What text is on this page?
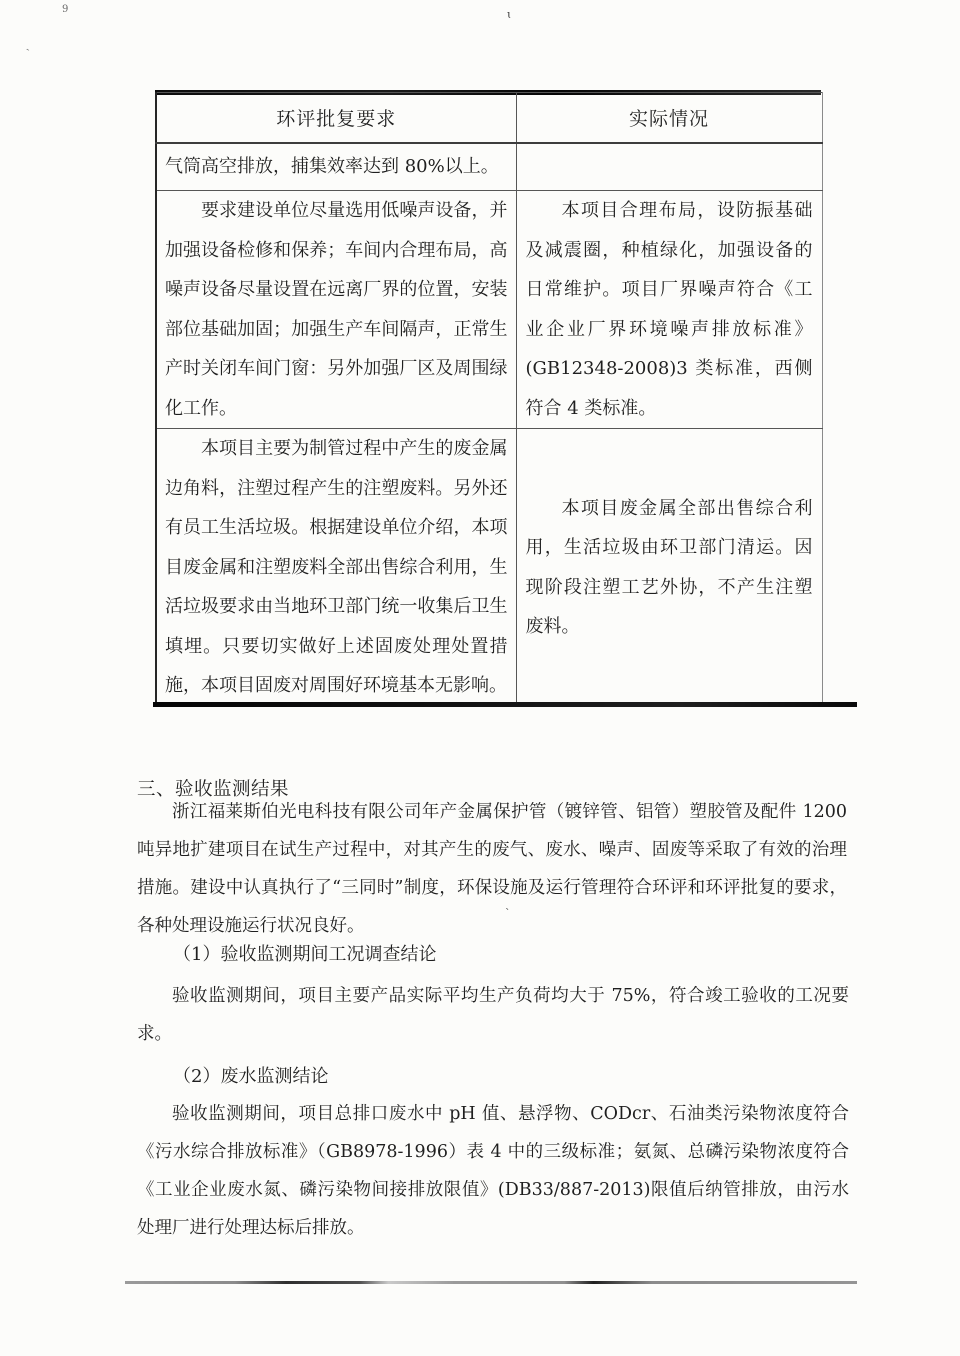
9
`
ɩ
`
环评批复要求	实际情况

气筒高空排放，捕集效率达到 80%以上。	

要求建设单位尽量选用低噪声设备，并加强设备检修和保养；车间内合理布局，高噪声设备尽量设置在远离厂界的位置，安装部位基础加固；加强生产车间隔声，正常生产时关闭车间门窗：另外加强厂区及周围绿化工作。	本项目合理布局，设防振基础及减震圈，种植绿化，加强设备的日常维护。项目厂界噪声符合《工业企业厂界环境噪声排放标准》(GB12348-2008)3 类标准，西侧符合 4 类标准。

本项目主要为制管过程中产生的废金属边角料，注塑过程产生的注塑废料。另外还有员工生活垃圾。根据建设单位介绍，本项目废金属和注塑废料全部出售综合利用，生活垃圾要求由当地环卫部门统一收集后卫生填埋。只要切实做好上述固废处理处置措施，本项目固废对周围好环境基本无影响。	本项目废金属全部出售综合利用，生活垃圾由环卫部门清运。因现阶段注塑工艺外协，不产生注塑废料。

三、验收监测结果

浙江福莱斯伯光电科技有限公司年产金属保护管（镀锌管、铝管）塑胶管及配件 1200 吨异地扩建项目在试生产过程中，对其产生的废气、废水、噪声、固废等采取了有效的治理措施。建设中认真执行了“三同时”制度，环保设施及运行管理符合环评和环评批复的要求，各种处理设施运行状况良好。

（1）验收监测期间工况调查结论

验收监测期间，项目主要产品实际平均生产负荷均大于 75%，符合竣工验收的工况要求。

（2）废水监测结论

验收监测期间，项目总排口废水中 pH 值、悬浮物、CODcr、石油类污染物浓度符合《污水综合排放标准》（GB8978-1996）表 4 中的三级标准；氨氮、总磷污染物浓度符合《工业企业废水氮、磷污染物间接排放限值》(DB33/887-2013)限值后纳管排放，由污水处理厂进行处理达标后排放。
